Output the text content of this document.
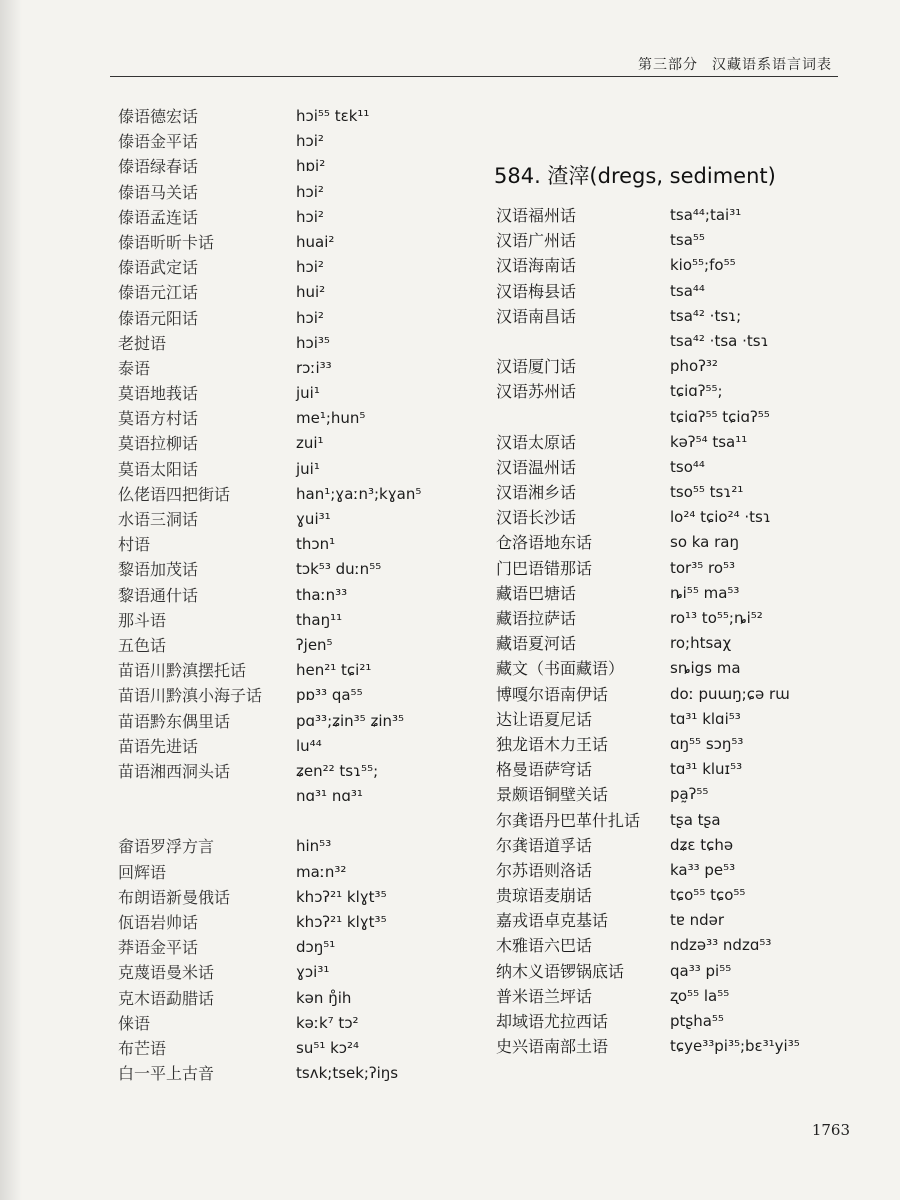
第三部分 汉藏语系语言词表
傣语德宏话	hɔi⁵⁵ tɛk¹¹
傣语金平话	hɔi²
傣语绿春话	hɒi²
傣语马关话	hɔi²
傣语孟连话	hɔi²
傣语昕昕卡话	huai²
傣语武定话	hɔi²
傣语元江话	hui²
傣语元阳话	hɔi²
老挝语	hɔi³⁵
泰语	rɔːi³³
莫语地莪话	jui¹
莫语方村话	me¹;hun⁵
莫语拉柳话	zui¹
莫语太阳话	jui¹
仫佬语四把街话	han¹;ɣaːn³;kɣan⁵
水语三洞话	ɣui³¹
村语	thɔn¹
黎语加茂话	tɔk⁵³ duːn⁵⁵
黎语通什话	thaːn³³
那斗语	thaŋ¹¹
五色话	ʔjen⁵
苗语川黔滇摆托话	hen²¹ tɕi²¹
苗语川黔滇小海子话 pɒ³³ qa⁵⁵
苗语黔东偶里话	pɑ³³;ʑin³⁵ ʑin³⁵
苗语先进话	lu⁴⁴
苗语湘西洞头话	ʑen²² tsɿ⁵⁵;
nɑ³¹ nɑ³¹
畲语罗浮方言	hin⁵³
回辉语	maːn³²
布朗语新曼俄话	khɔʔ²¹ klɣt³⁵
佤语岩帅话	khɔʔ²¹ klɣt³⁵
莽语金平话	dɔŋ⁵¹
克蔑语曼米话	ɣɔi³¹
克木语勐腊话	kən ŋ̊ih
俫语	kəːk⁷ tɔ²
布芒语	su⁵¹ kɔ²⁴
白一平上古音	tsʌk;tsek;ʔiŋs
584. 渣滓(dregs, sediment)
汉语福州话	tsa⁴⁴;tai³¹
汉语广州话	tsa⁵⁵
汉语海南话	kio⁵⁵;fo⁵⁵
汉语梅县话	tsa⁴⁴
汉语南昌话	tsa⁴² ·tsɿ;
tsa⁴² ·tsa ·tsɿ
汉语厦门话	phoʔ³²
汉语苏州话	tɕiɑʔ⁵⁵;
tɕiɑʔ⁵⁵ tɕiɑʔ⁵⁵
汉语太原话	kəʔ⁵⁴ tsa¹¹
汉语温州话	tso⁴⁴
汉语湘乡话	tso⁵⁵ tsɿ²¹
汉语长沙话	lo²⁴ tɕio²⁴ ·tsɿ
仓洛语地东话	so ka raŋ
门巴语错那话	tor³⁵ ro⁵³
藏语巴塘话	ȵi⁵⁵ ma⁵³
藏语拉萨话	ro¹³ to⁵⁵;ȵi⁵²
藏语夏河话	ro;htsaχ
藏文（书面藏语）	sȵigs ma
博嘎尔语南伊话	doː puɯŋ;ɕə rɯ
达让语夏尼话	tɑ³¹ klɑi⁵³
独龙语木力王话	ɑŋ⁵⁵ sɔŋ⁵³
格曼语萨穹话	tɑ³¹ kluɪ⁵³
景颇语铜壁关话	pa̰ʔ⁵⁵
尔龚语丹巴革什扎话 tʂa tʂa
尔龚语道孚话	dʑɛ tɕhə
尔苏语则洛话	ka³³ pe⁵³
贵琼语麦崩话	tɕo⁵⁵ tɕo⁵⁵
嘉戎语卓克基话	tɐ ndər
木雅语六巴话	ndzə³³ ndzɑ⁵³
纳木义语锣锅底话	qa³³ pi⁵⁵
普米语兰坪话	ʐo⁵⁵ la⁵⁵
却域语尤拉西话	ptʂha⁵⁵
史兴语南部土语	tɕye³³pi³⁵;bɛ³¹yi³⁵
1763
